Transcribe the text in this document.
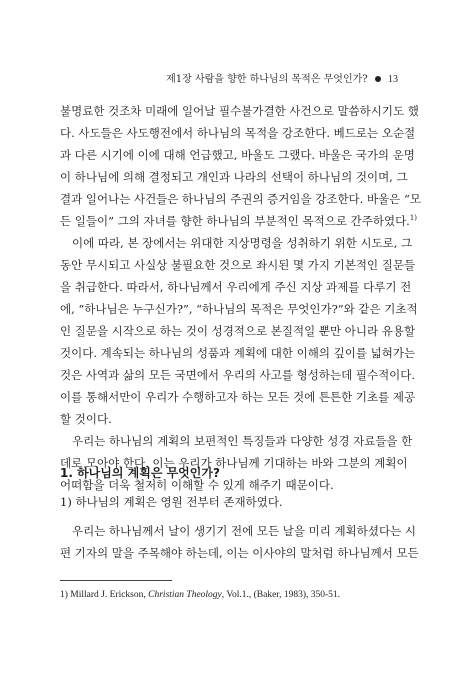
제1장 사람을 향한 하나님의 목적은 무엇인가? 13

불명료한 것조차 미래에 일어날 필수불가결한 사건으로 말씀하시기도 했
다. 사도들은 사도행전에서 하나님의 목적을 강조한다. 베드로는 오순절
과 다른 시기에 이에 대해 언급했고, 바울도 그랬다. 바울은 국가의 운명
이 하나님에 의해 결정되고 개인과 나라의 선택이 하나님의 것이며, 그
결과 일어나는 사건들은 하나님의 주권의 증거임을 강조한다. 바울은 “모
든 일들이” 그의 자녀를 향한 하나님의 부분적인 목적으로 간주하였다.$^{1)}$

이에 따라, 본 장에서는 위대한 지상명령을 성취하기 위한 시도로, 그
동안 무시되고 사실상 불필요한 것으로 좌시된 몇 가지 기본적인 질문들
을 취급한다. 따라서, 하나님께서 우리에게 주신 지상 과제를 다루기 전
에, “하나님은 누구신가?”, “하나님의 목적은 무엇인가?”와 같은 기초적
인 질문을 시작으로 하는 것이 성경적으로 본질적일 뿐만 아니라 유용할
것이다. 계속되는 하나님의 성품과 계획에 대한 이해의 깊이를 넓혀가는
것은 사역과 삶의 모든 국면에서 우리의 사고를 형성하는데 필수적이다.
이를 통해서만이 우리가 수행하고자 하는 모든 것에 튼튼한 기초를 제공
할 것이다.

우리는 하나님의 계획의 보편적인 특징들과 다양한 성경 자료들을 한
데로 모아야 한다. 이는 우리가 하나님께 기대하는 바와 그분의 계획이
어떠함을 더욱 철저히 이해할 수 있게 해주기 때문이다.

1. 하나님의 계획은 무엇인가?
1) 하나님의 계획은 영원 전부터 존재하였다.
우리는 하나님께서 날이 생기기 전에 모든 날을 미리 계획하셨다는 시
편 기자의 말을 주목해야 하는데, 이는 이사야의 말처럼 하나님께서 모든
1) Millard J. Erickson, Christian Theology, Vol.1., (Baker, 1983), 350-51.
